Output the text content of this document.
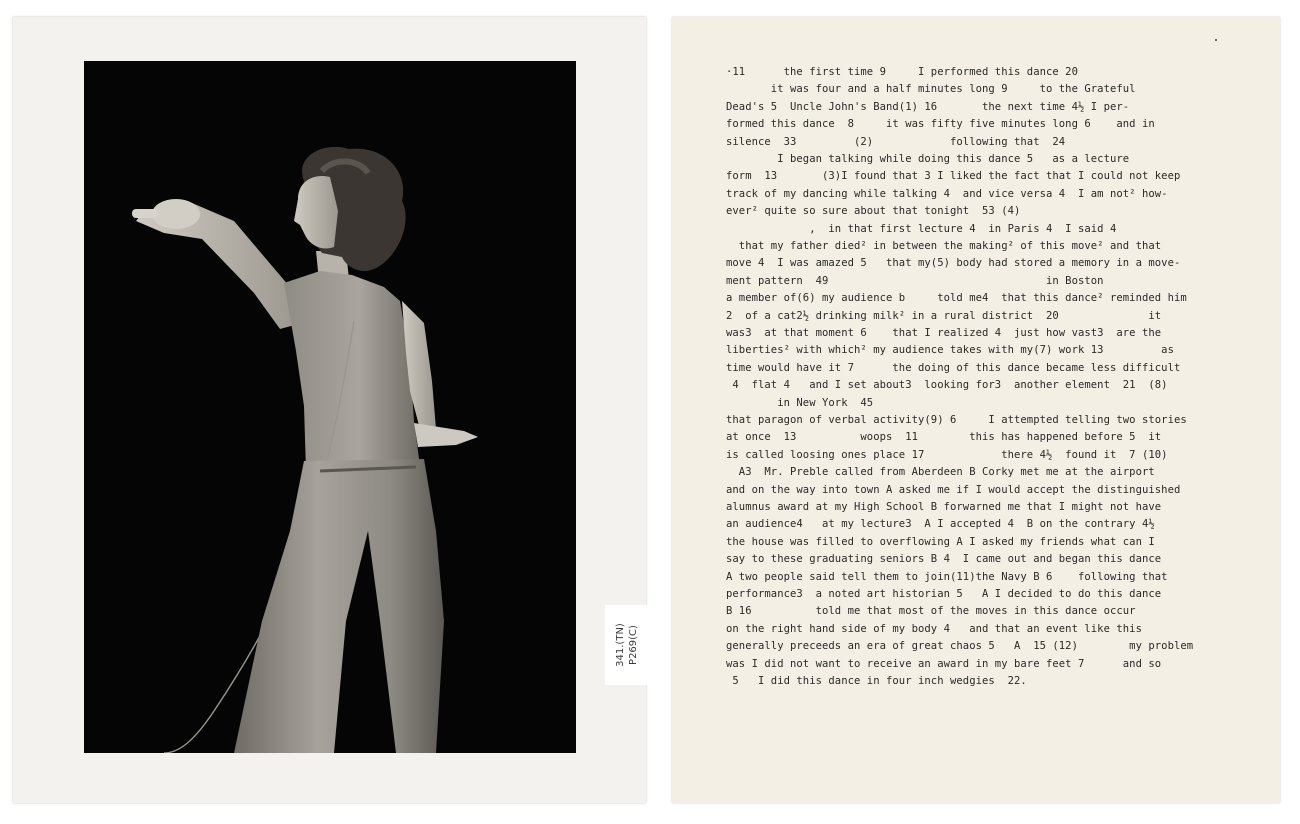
341.(TN)
P269(C)
·11      the first time 9     I performed this dance 20
it was four and a half minutes long 9     to the Grateful
Dead's 5  Uncle John's Band(1) 16       the next time 4½ I per-
formed this dance  8     it was fifty five minutes long 6    and in
silence  33         (2)            following that  24
I began talking while doing this dance 5   as a lecture
form  13       (3)I found that 3 I liked the fact that I could not keep
track of my dancing while talking 4  and vice versa 4  I am not² how-
ever² quite so sure about that tonight  53 (4)
,  in that first lecture 4  in Paris 4  I said 4
that my father died² in between the making² of this move² and that
move 4  I was amazed 5   that my(5) body had stored a memory in a move-
ment pattern  49                                  in Boston
a member of(6) my audience b     told me4  that this dance² reminded him
2  of a cat2½ drinking milk² in a rural district  20              it
was3  at that moment 6    that I realized 4  just how vast3  are the
liberties² with which² my audience takes with my(7) work 13         as
time would have it 7      the doing of this dance became less difficult
4  flat 4   and I set about3  looking for3  another element  21  (8)
in New York  45
that paragon of verbal activity(9) 6     I attempted telling two stories
at once  13          woops  11        this has happened before 5  it
is called loosing ones place 17            there 4½  found it  7 (10)
A3  Mr. Preble called from Aberdeen B Corky met me at the airport
and on the way into town A asked me if I would accept the distinguished
alumnus award at my High School B forwarned me that I might not have
an audience4   at my lecture3  A I accepted 4  B on the contrary 4½
the house was filled to overflowing A I asked my friends what can I
say to these graduating seniors B 4  I came out and began this dance
A two people said tell them to join(11)the Navy B 6    following that
performance3  a noted art historian 5   A I decided to do this dance
B 16          told me that most of the moves in this dance occur
on the right hand side of my body 4   and that an event like this
generally preceeds an era of great chaos 5   A  15 (12)        my problem
was I did not want to receive an award in my bare feet 7      and so
5   I did this dance in four inch wedgies  22.
